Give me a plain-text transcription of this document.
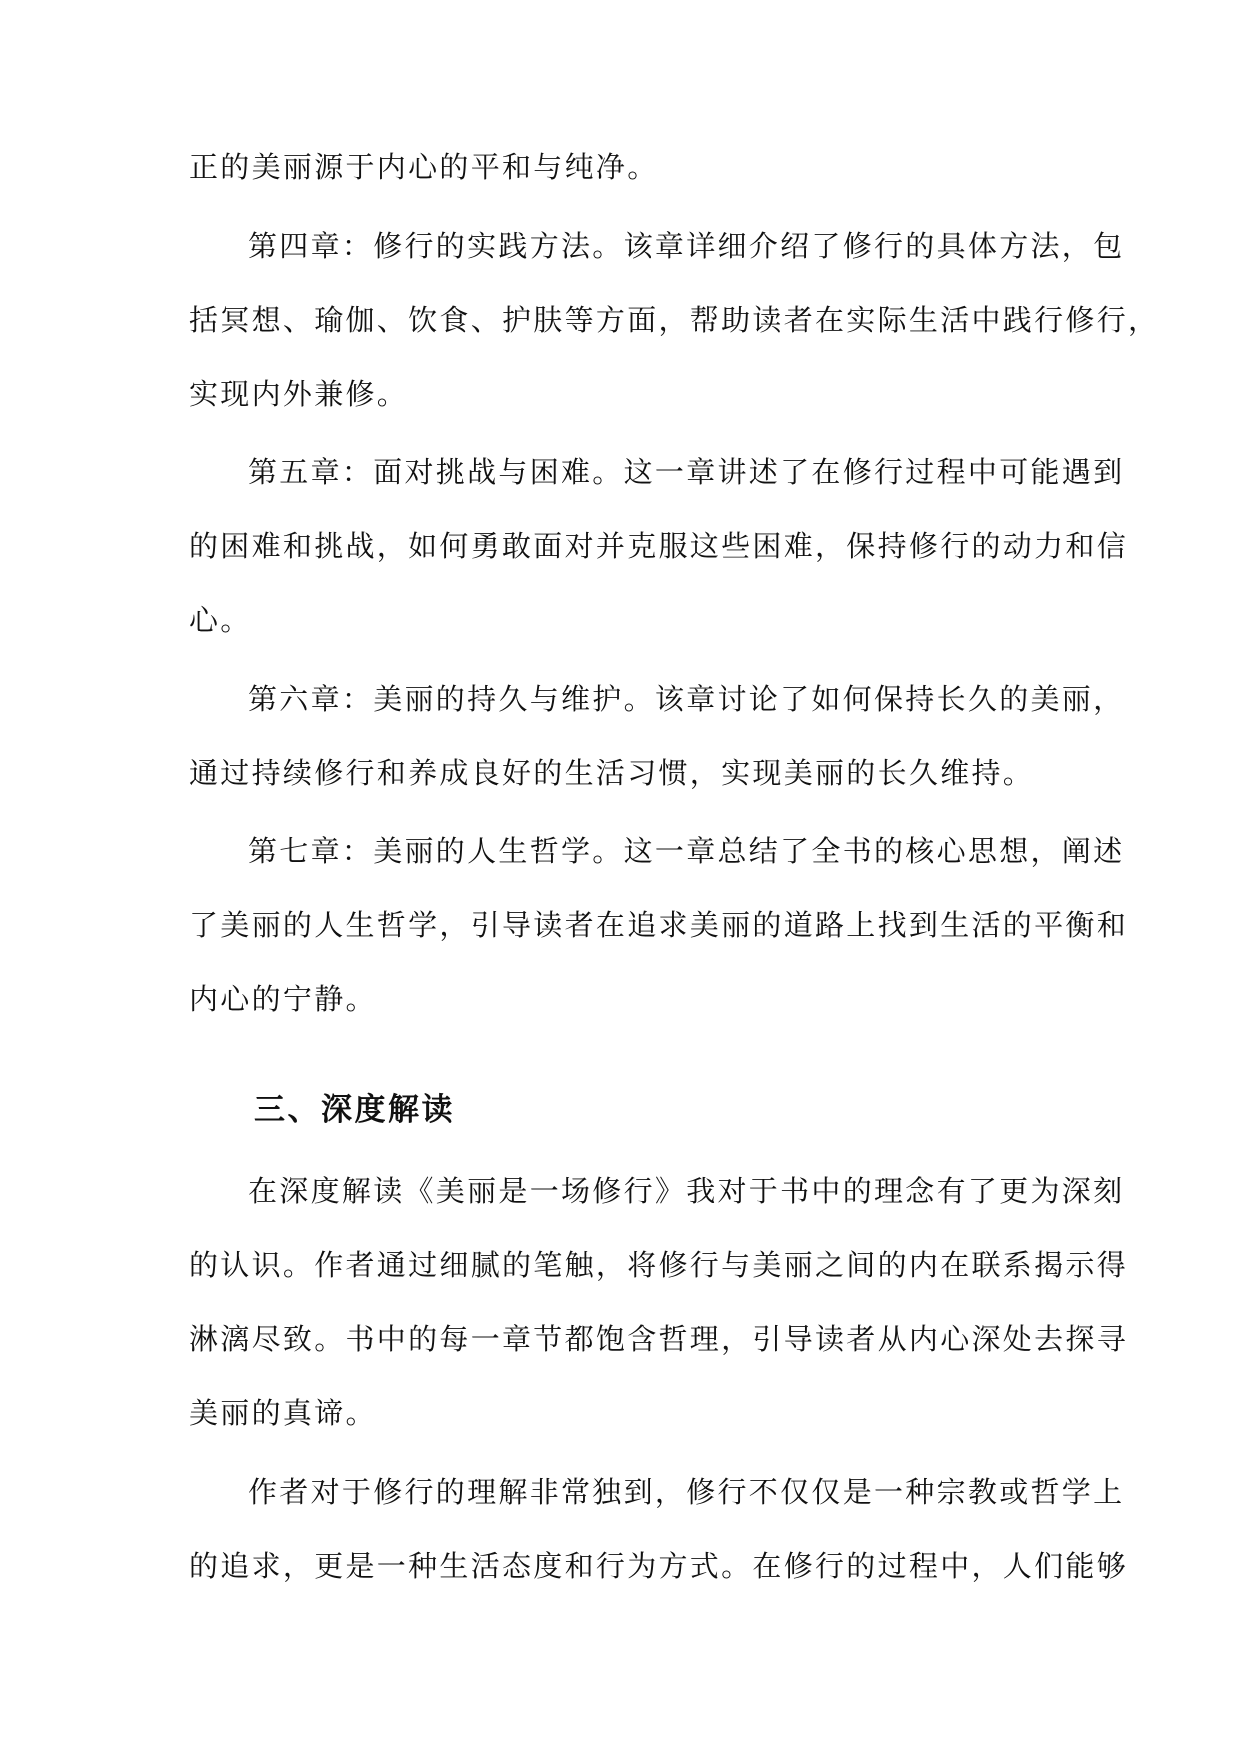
正的美丽源于内心的平和与纯净。
第四章：修行的实践方法。该章详细介绍了修行的具体方法，包
括冥想、瑜伽、饮食、护肤等方面，帮助读者在实际生活中践行修行，
实现内外兼修。
第五章：面对挑战与困难。这一章讲述了在修行过程中可能遇到
的困难和挑战，如何勇敢面对并克服这些困难，保持修行的动力和信
心。
第六章：美丽的持久与维护。该章讨论了如何保持长久的美丽，
通过持续修行和养成良好的生活习惯，实现美丽的长久维持。
第七章：美丽的人生哲学。这一章总结了全书的核心思想，阐述
了美丽的人生哲学，引导读者在追求美丽的道路上找到生活的平衡和
内心的宁静。
三、深度解读
在深度解读《美丽是一场修行》我对于书中的理念有了更为深刻
的认识。作者通过细腻的笔触，将修行与美丽之间的内在联系揭示得
淋漓尽致。书中的每一章节都饱含哲理，引导读者从内心深处去探寻
美丽的真谛。
作者对于修行的理解非常独到，修行不仅仅是一种宗教或哲学上
的追求，更是一种生活态度和行为方式。在修行的过程中，人们能够
